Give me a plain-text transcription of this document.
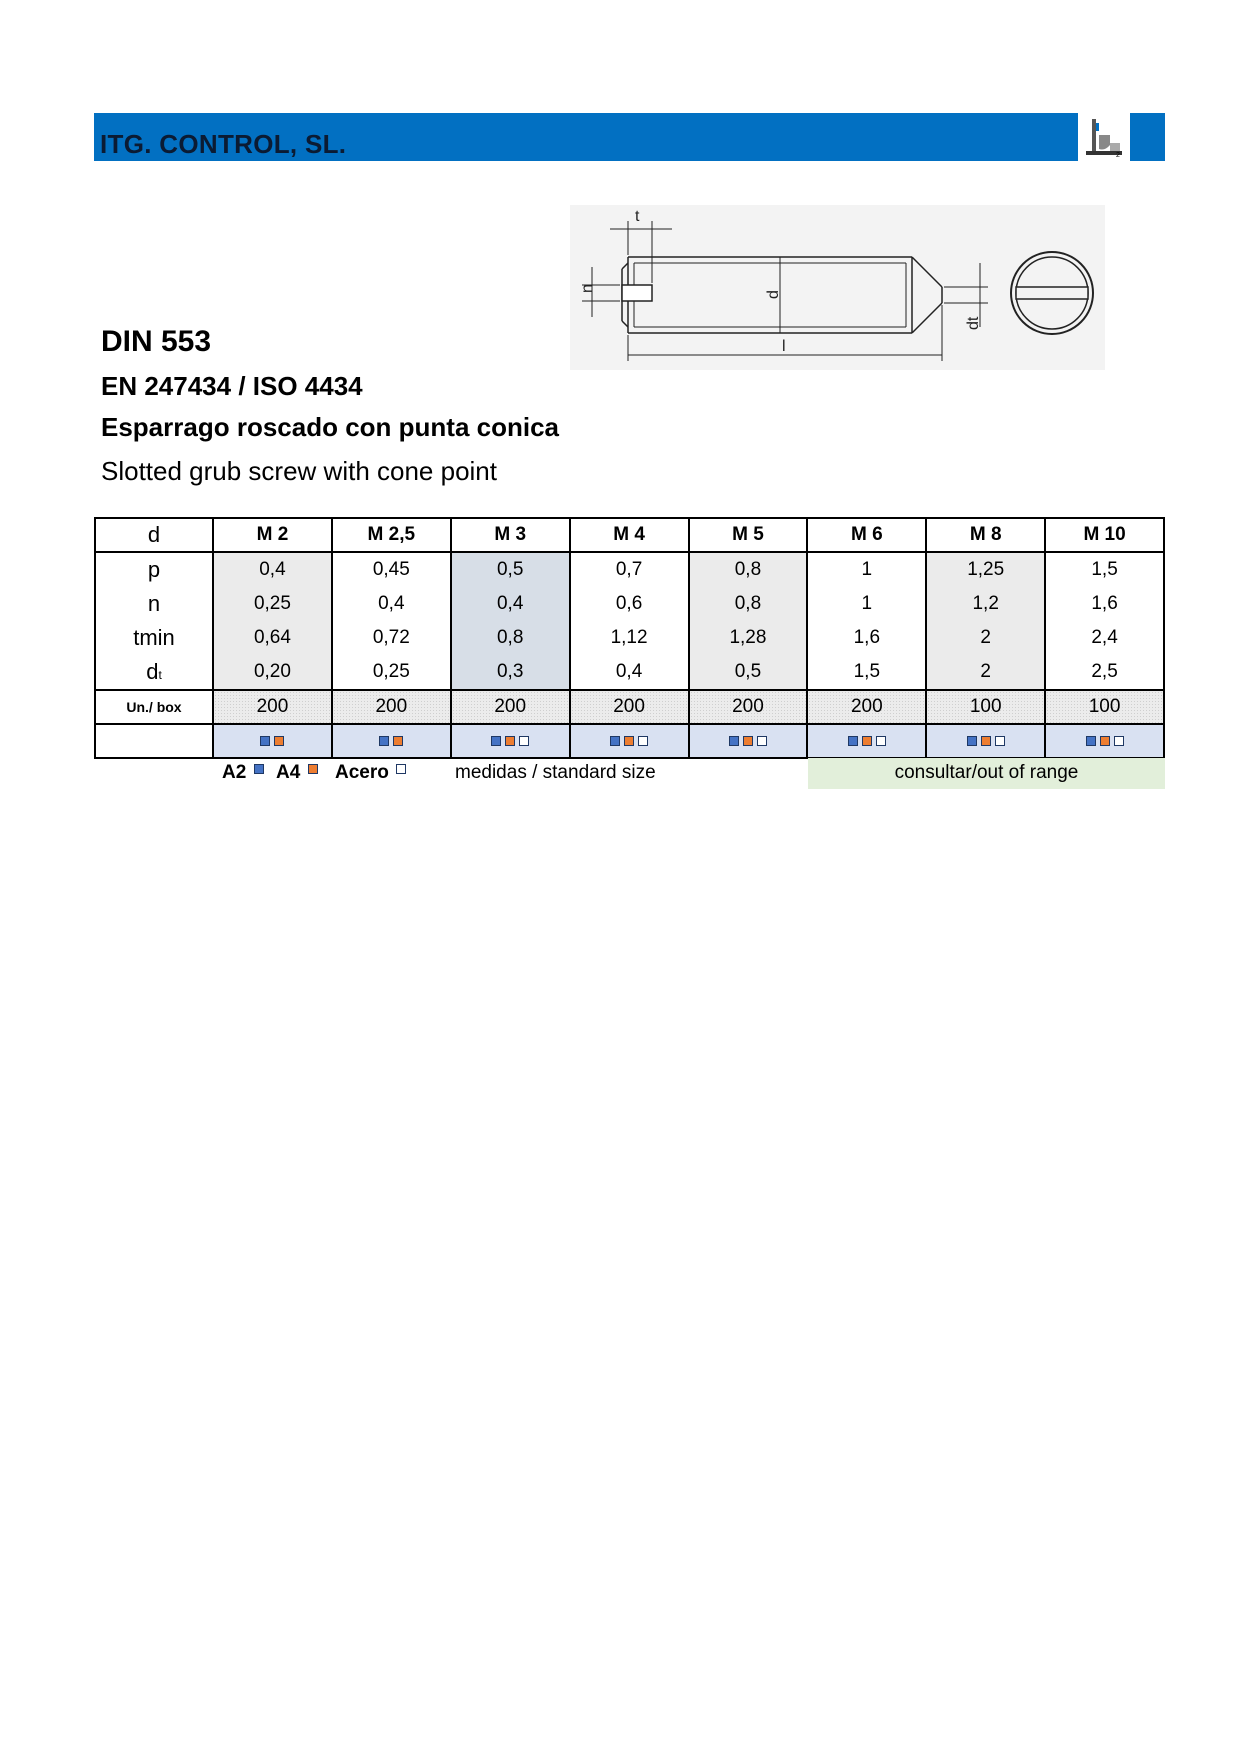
ITG. CONTROL, SL.	2
t
n
d
dt
l
DIN 553
EN 247434 / ISO 4434
Esparrago roscado con punta conica
Slotted grub screw with cone point
d	M 2	M 2,5	M 3	M 4	M 5	M 6	M 8	M 10
p	0,4	0,45	0,5	0,7	0,8	1	1,25	1,5
n	0,25	0,4	0,4	0,6	0,8	1	1,2	1,6
tmin	0,64	0,72	0,8	1,12	1,28	1,6	2	2,4
dt	0,20	0,25	0,3	0,4	0,5	1,5	2	2,5
Un./ box	200	200	200	200	200	200	100	100

A2	A4	Acero	medidas / standard size	consultar/out of range
